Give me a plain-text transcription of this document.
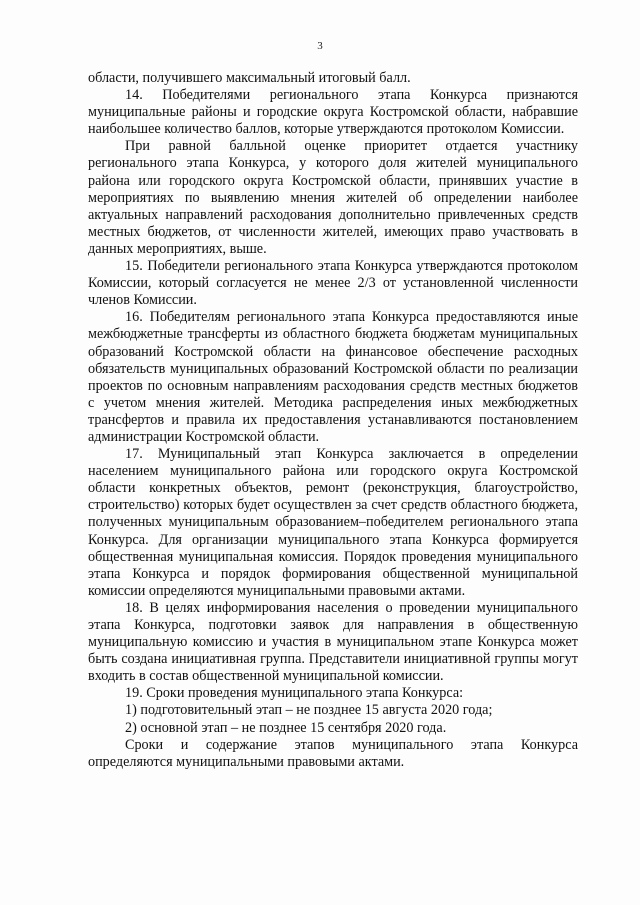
3

области, получившего максимальный итоговый балл.

14. Победителями регионального этапа Конкурса признаются муниципальные районы и городские округа Костромской области, набравшие наибольшее количество баллов, которые утверждаются протоколом Комиссии.

При равной балльной оценке приоритет отдается участнику регионального этапа Конкурса, у которого доля жителей муниципального района или городского округа Костромской области, принявших участие в мероприятиях по выявлению мнения жителей об определении наиболее актуальных направлений расходования дополнительно привлеченных средств местных бюджетов, от численности жителей, имеющих право участвовать в данных мероприятиях, выше.

15. Победители регионального этапа Конкурса утверждаются протоколом Комиссии, который согласуется не менее 2/3 от установленной численности членов Комиссии.

16. Победителям регионального этапа Конкурса предоставляются иные межбюджетные трансферты из областного бюджета бюджетам муниципальных образований Костромской области на финансовое обеспечение расходных обязательств муниципальных образований Костромской области по реализации проектов по основным направлениям расходования средств местных бюджетов с учетом мнения жителей. Методика распределения иных межбюджетных трансфертов и правила их предоставления устанавливаются постановлением администрации Костромской области.

17. Муниципальный этап Конкурса заключается в определении населением муниципального района или городского округа Костромской области конкретных объектов, ремонт (реконструкция, благоустройство, строительство) которых будет осуществлен за счет средств областного бюджета, полученных муниципальным образованием–победителем регионального этапа Конкурса. Для организации муниципального этапа Конкурса формируется общественная муниципальная комиссия. Порядок проведения муниципального этапа Конкурса и порядок формирования общественной муниципальной комиссии определяются муниципальными правовыми актами.

18. В целях информирования населения о проведении муниципального этапа Конкурса, подготовки заявок для направления в общественную муниципальную комиссию и участия в муниципальном этапе Конкурса может быть создана инициативная группа. Представители инициативной группы могут входить в состав общественной муниципальной комиссии.

19. Сроки проведения муниципального этапа Конкурса:

1) подготовительный этап – не позднее 15 августа 2020 года;

2) основной этап – не позднее 15 сентября 2020 года.

Сроки и содержание этапов муниципального этапа Конкурса определяются муниципальными правовыми актами.
